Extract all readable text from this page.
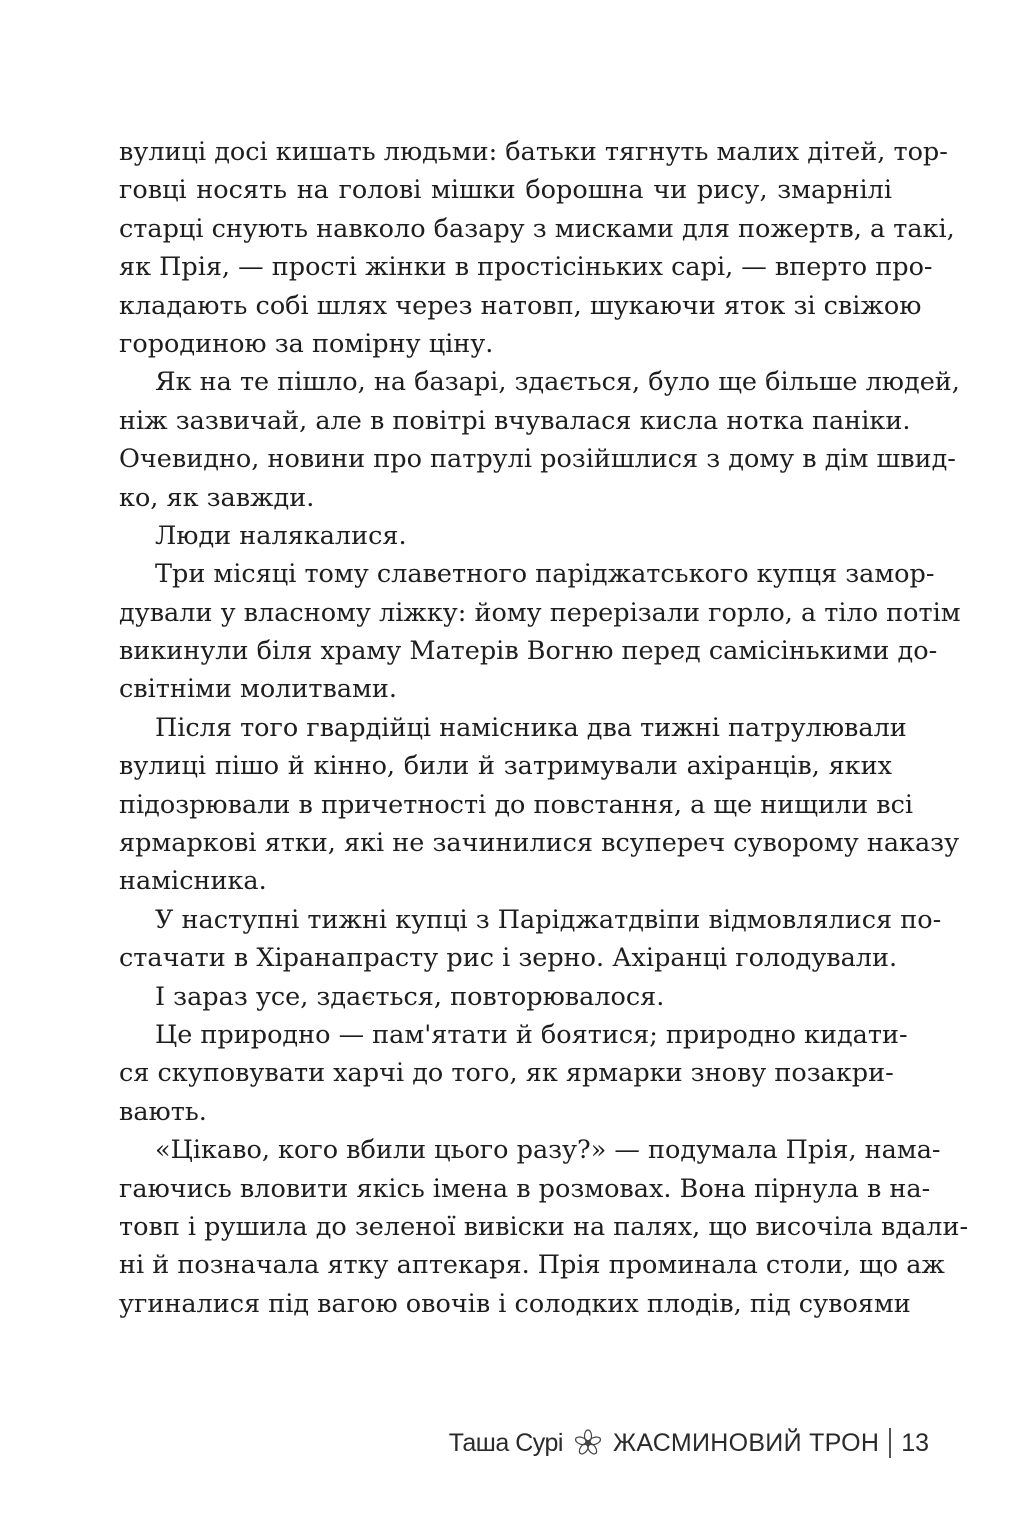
вулиці досі кишать людьми: батьки тягнуть малих дітей, тор-
говці носять на голові мішки борошна чи рису, змарнілі
старці снують навколо базару з мисками для пожертв, а такі,
як Прія, — прості жінки в простісіньких сарі, — вперто про-
кладають собі шлях через натовп, шукаючи яток зі свіжою
городиною за помірну ціну.
Як на те пішло, на базарі, здається, було ще більше людей,
ніж зазвичай, але в повітрі вчувалася кисла нотка паніки.
Очевидно, новини про патрулі розійшлися з дому в дім швид-
ко, як завжди.
Люди налякалися.
Три місяці тому славетного паріджатського купця замор-
дували у власному ліжку: йому перерізали горло, а тіло потім
викинули біля храму Матерів Вогню перед самісінькими до-
світніми молитвами.
Після того гвардійці намісника два тижні патрулювали
вулиці пішо й кінно, били й затримували ахіранців, яких
підозрювали в причетності до повстання, а ще нищили всі
ярмаркові ятки, які не зачинилися всупереч суворому наказу
намісника.
У наступні тижні купці з Паріджатдвіпи відмовлялися по-
стачати в Хіранапрасту рис і зерно. Ахіранці голодували.
І зараз усе, здається, повторювалося.
Це природно — пам'ятати й боятися; природно кидати-
ся скуповувати харчі до того, як ярмарки знову позакри-
вають.
«Цікаво, кого вбили цього разу?» — подумала Прія, нама-
гаючись вловити якісь імена в розмовах. Вона пірнула в на-
товп і рушила до зеленої вивіски на палях, що височіла вдали-
ні й позначала ятку аптекаря. Прія проминала столи, що аж
угиналися під вагою овочів і солодких плодів, під сувоями
Таша Сурі ЖАСМИНОВИЙ ТРОН 13
